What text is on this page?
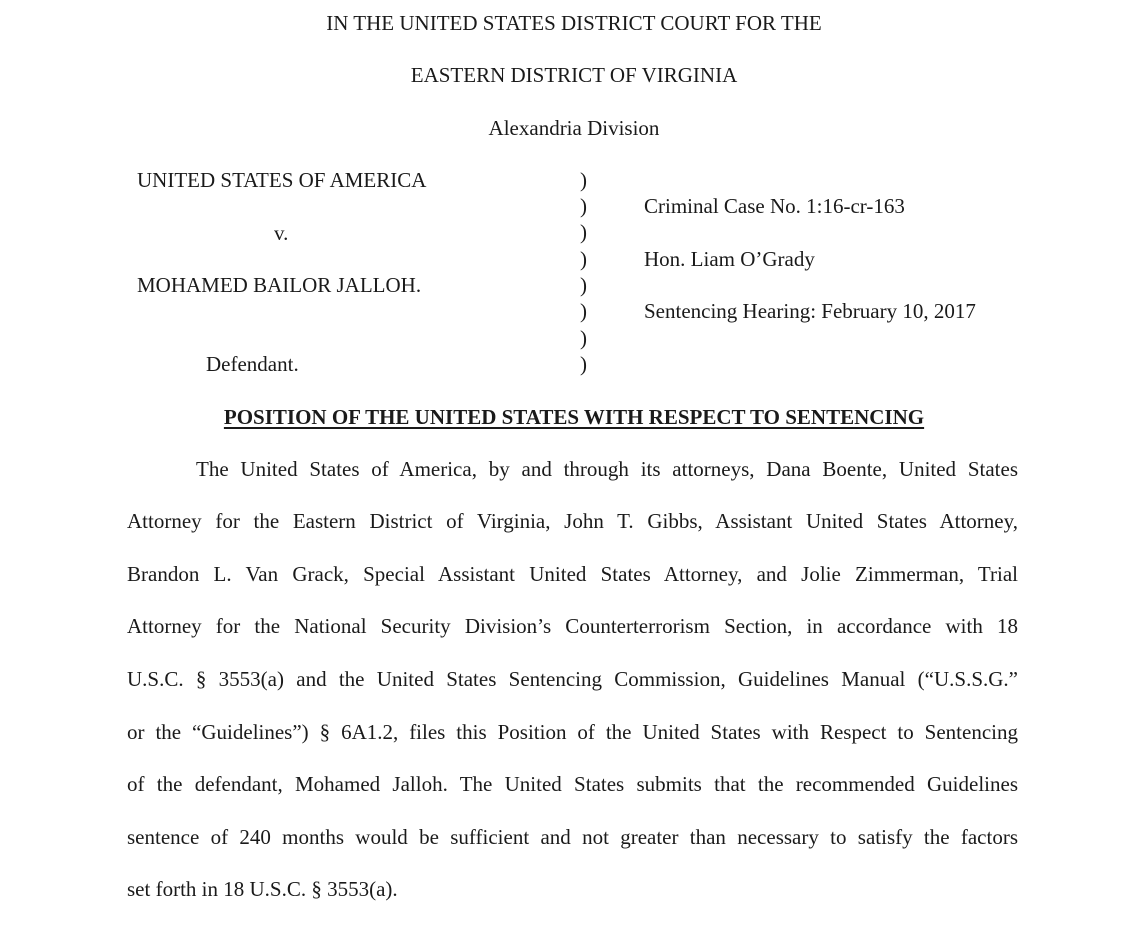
IN THE UNITED STATES DISTRICT COURT FOR THE
EASTERN DISTRICT OF VIRGINIA
Alexandria Division
UNITED STATES OF AMERICA
v.
MOHAMED BAILOR JALLOH.
Defendant.
)
)
)
)
)
)
)
)
Criminal Case No. 1:16-cr-163
Hon. Liam O’Grady
Sentencing Hearing: February 10, 2017
POSITION OF THE UNITED STATES WITH RESPECT TO SENTENCING
The United States of America, by and through its attorneys, Dana Boente, United States
Attorney for the Eastern District of Virginia, John T. Gibbs, Assistant United States Attorney,
Brandon L. Van Grack, Special Assistant United States Attorney, and Jolie Zimmerman, Trial
Attorney for the National Security Division’s Counterterrorism Section, in accordance with 18
U.S.C. § 3553(a) and the United States Sentencing Commission, Guidelines Manual (“U.S.S.G.”
or the “Guidelines”) § 6A1.2, files this Position of the United States with Respect to Sentencing
of the defendant, Mohamed Jalloh. The United States submits that the recommended Guidelines
sentence of 240 months would be sufficient and not greater than necessary to satisfy the factors
set forth in 18 U.S.C. § 3553(a).
